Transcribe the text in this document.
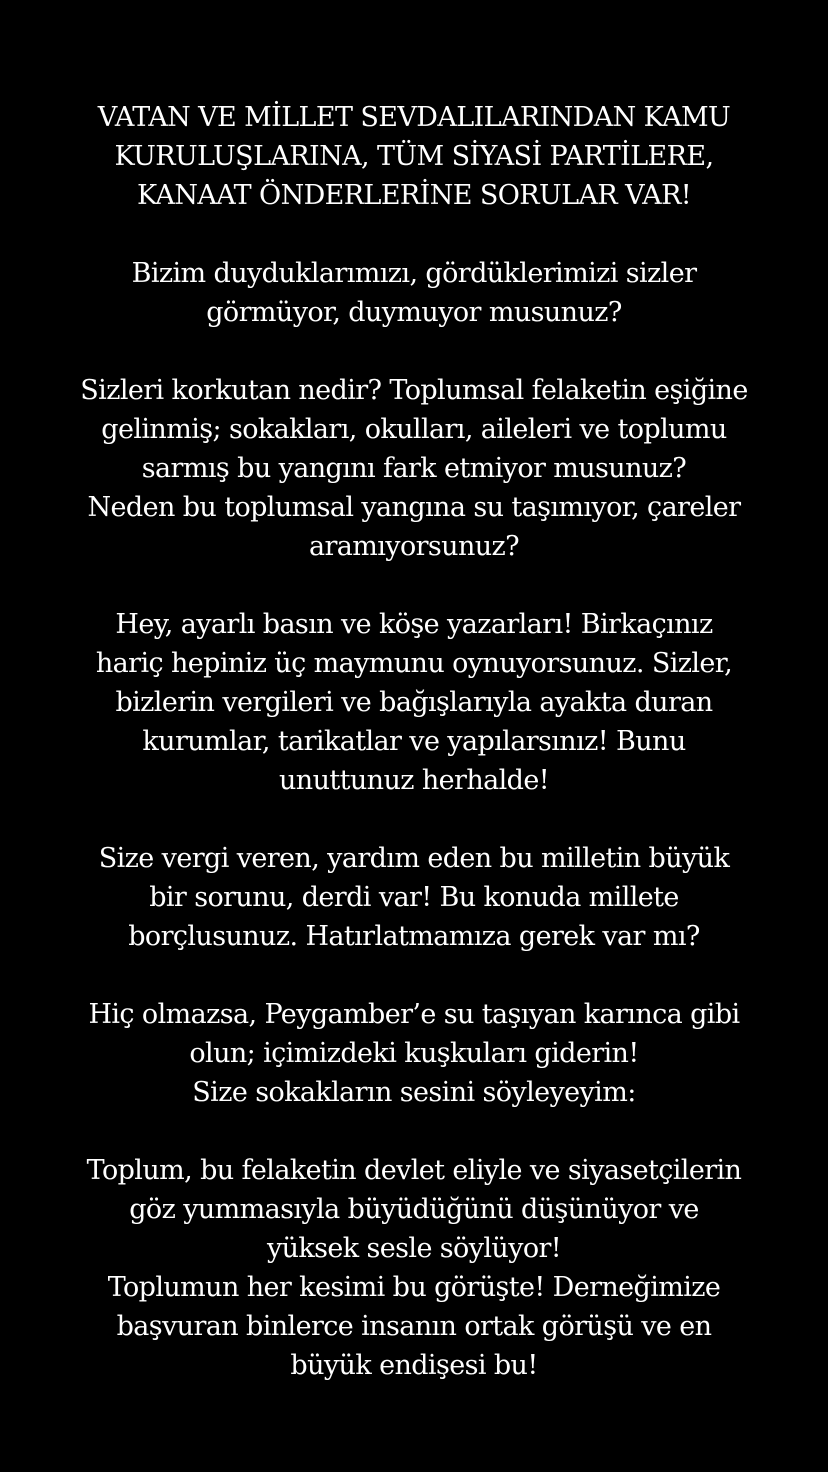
VATAN VE MİLLET SEVDALILARINDAN KAMU
KURULUŞLARINA, TÜM SİYASİ PARTİLERE,
KANAAT ÖNDERLERİNE SORULAR VAR!
Bizim duyduklarımızı, gördüklerimizi sizler
görmüyor, duymuyor musunuz?
Sizleri korkutan nedir? Toplumsal felaketin eşiğine
gelinmiş; sokakları, okulları, aileleri ve toplumu
sarmış bu yangını fark etmiyor musunuz?
Neden bu toplumsal yangına su taşımıyor, çareler
aramıyorsunuz?
Hey, ayarlı basın ve köşe yazarları! Birkaçınız
hariç hepiniz üç maymunu oynuyorsunuz. Sizler,
bizlerin vergileri ve bağışlarıyla ayakta duran
kurumlar, tarikatlar ve yapılarsınız! Bunu
unuttunuz herhalde!
Size vergi veren, yardım eden bu milletin büyük
bir sorunu, derdi var! Bu konuda millete
borçlusunuz. Hatırlatmamıza gerek var mı?
Hiç olmazsa, Peygamber’e su taşıyan karınca gibi
olun; içimizdeki kuşkuları giderin!
Size sokakların sesini söyleyeyim:
Toplum, bu felaketin devlet eliyle ve siyasetçilerin
göz yummasıyla büyüdüğünü düşünüyor ve
yüksek sesle söylüyor!
Toplumun her kesimi bu görüşte! Derneğimize
başvuran binlerce insanın ortak görüşü ve en
büyük endişesi bu!
